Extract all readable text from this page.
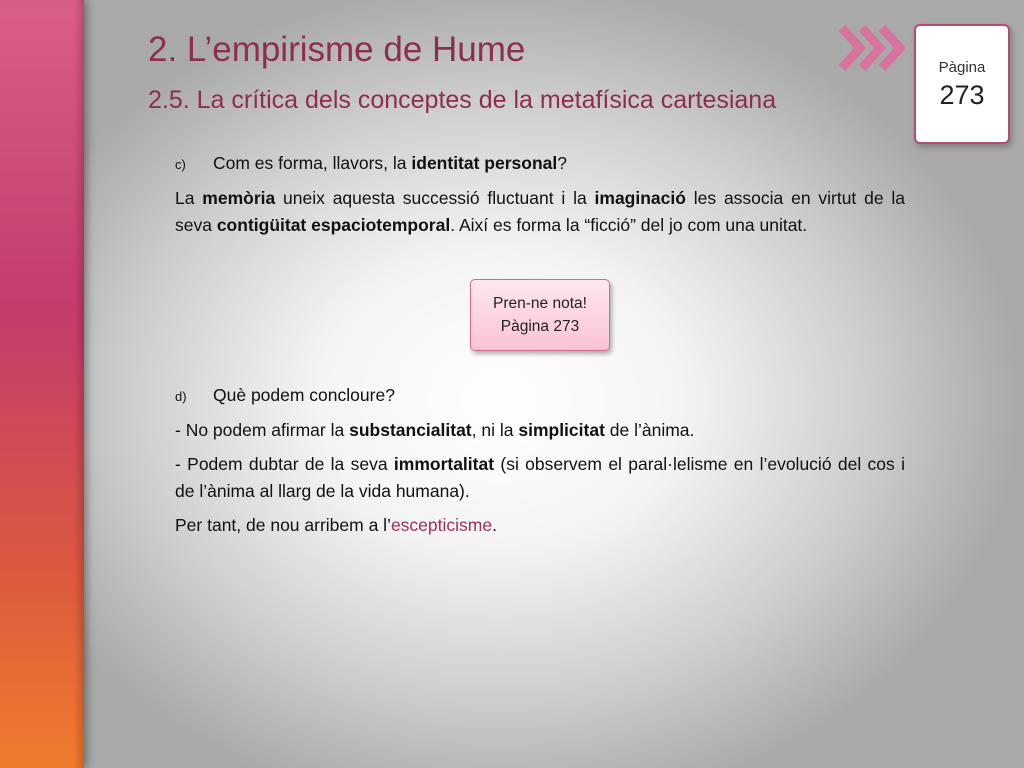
2. L’empirisme de Hume
2.5. La crítica dels conceptes de la metafísica cartesiana
Pàgina
273

c) Com es forma, llavors, la identitat personal?

La memòria uneix aquesta successió fluctuant i la imaginació les associa en virtut de la seva contigüitat espaciotemporal. Així es forma la “ficció” del jo com una unitat.

Pren-ne nota!
Pàgina 273

d) Què podem concloure?

- No podem afirmar la substancialitat, ni la simplicitat de l’ànima.

- Podem dubtar de la seva immortalitat (si observem el paral·lelisme en l’evolució del cos i de l’ànima al llarg de la vida humana).

Per tant, de nou arribem a l’escepticisme.
